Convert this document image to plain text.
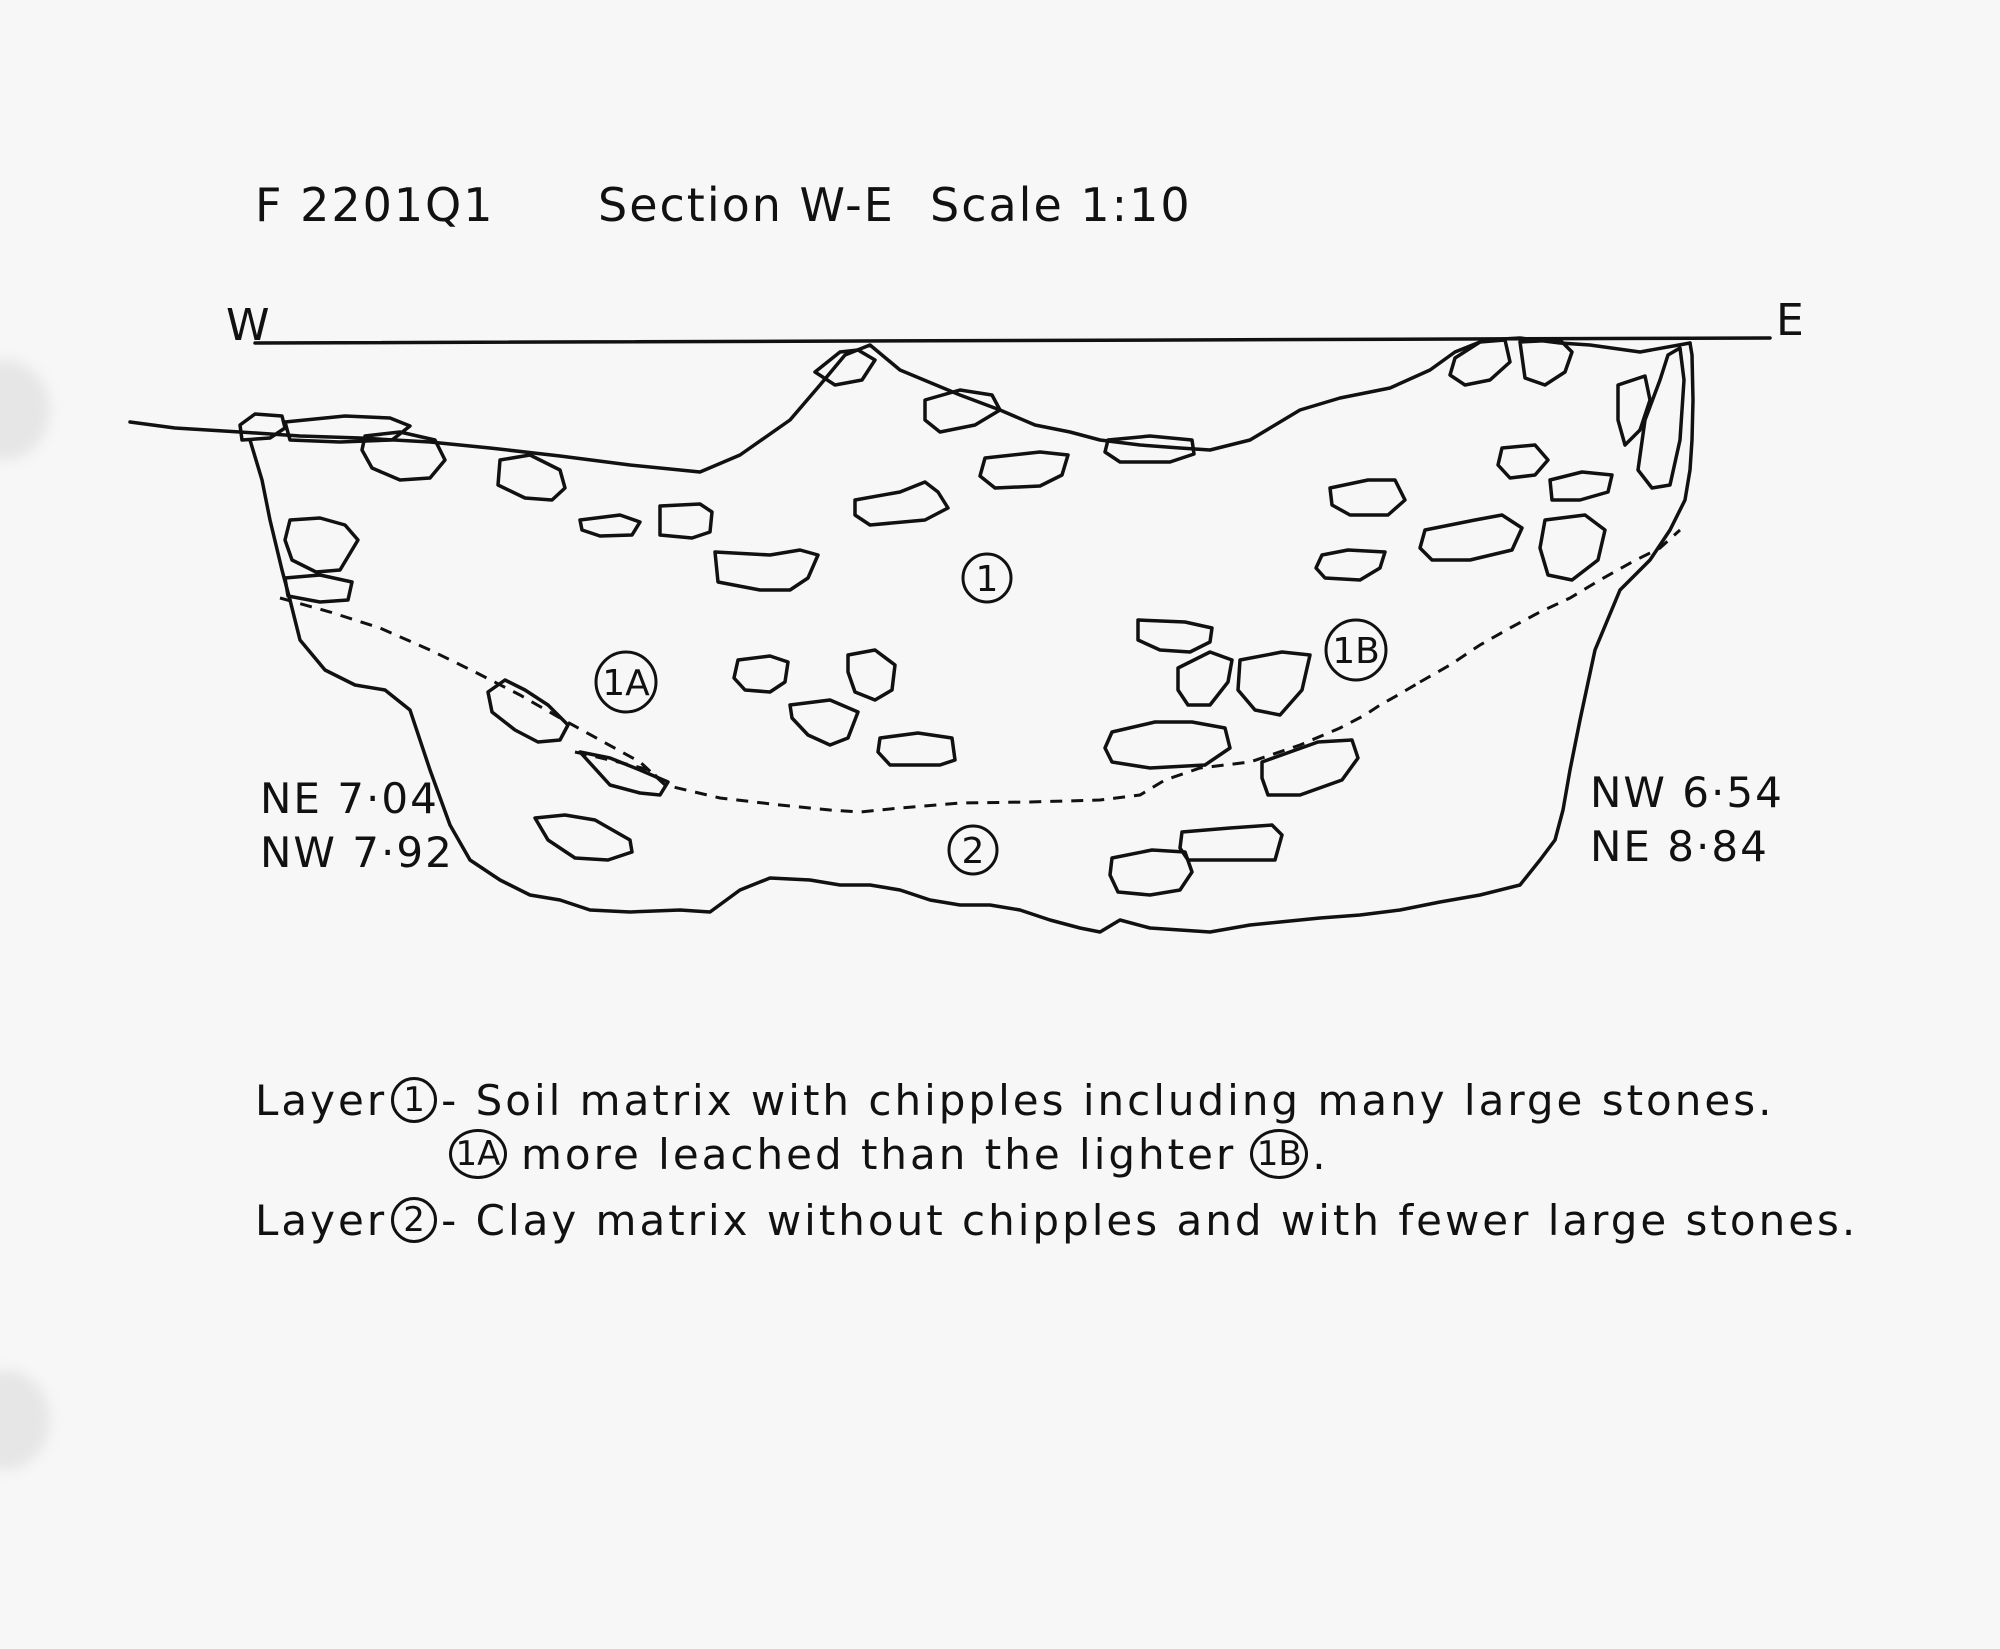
F 2201 Q1 Section W-E Scale 1:10
W	E
1
1A
1B
2
NE 7·04
NW 7·92
NW 6·54
NE 8·84
Layer 1 - Soil matrix with chipples including many large stones.
1A more leached than the lighter 1B .
Layer 2 - Clay matrix without chipples and with fewer large stones.
